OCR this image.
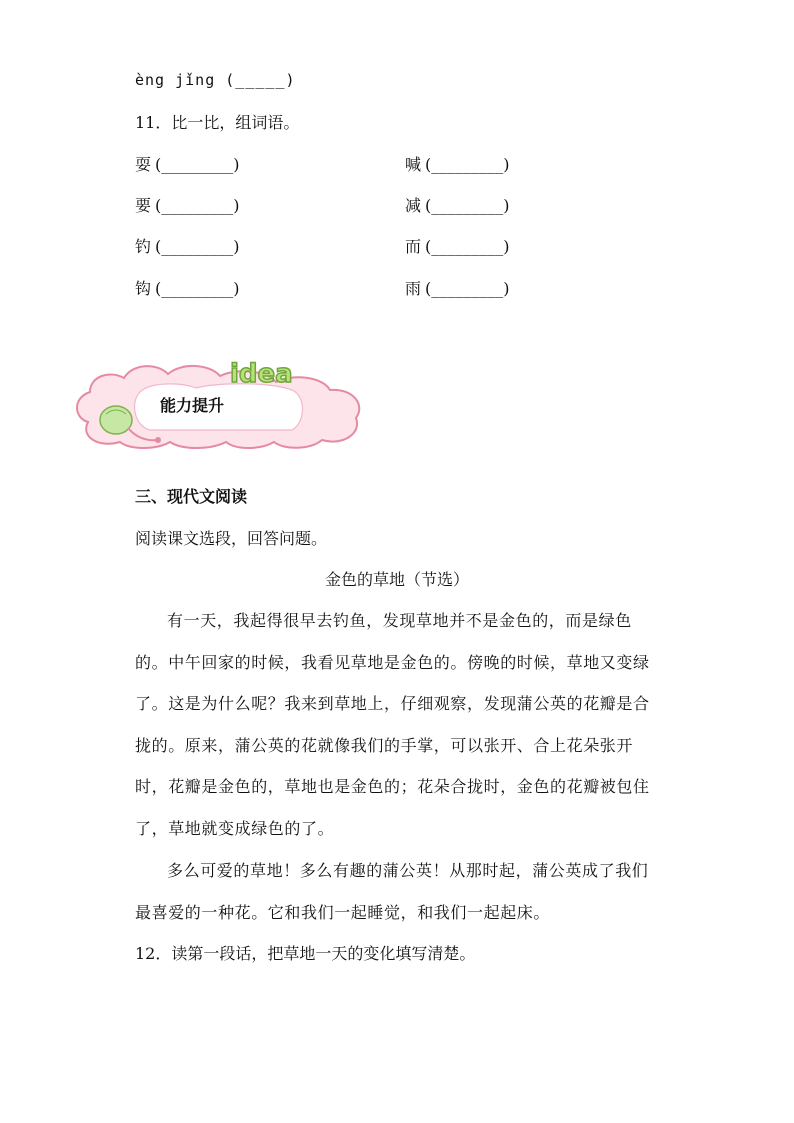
èng jǐng (_____)
11．比一比，组词语。
耍 (_________)	喊 (_________)
要 (_________)	减 (_________)
钓 (_________)	而 (_________)
钩 (_________)	雨 (_________)
idea
能力提升
三、现代文阅读
阅读课文选段，回答问题。
金色的草地（节选）
有一天，我起得很早去钓鱼，发现草地并不是金色的，而是绿色的。中午回家的时候，我看见草地是金色的。傍晚的时候，草地又变绿了。这是为什么呢？我来到草地上，仔细观察，发现蒲公英的花瓣是合拢的。原来，蒲公英的花就像我们的手掌，可以张开、合上花朵张开时，花瓣是金色的，草地也是金色的；花朵合拢时，金色的花瓣被包住了，草地就变成绿色的了。
多么可爱的草地！多么有趣的蒲公英！从那时起，蒲公英成了我们最喜爱的一种花。它和我们一起睡觉，和我们一起起床。
12．读第一段话，把草地一天的变化填写清楚。
